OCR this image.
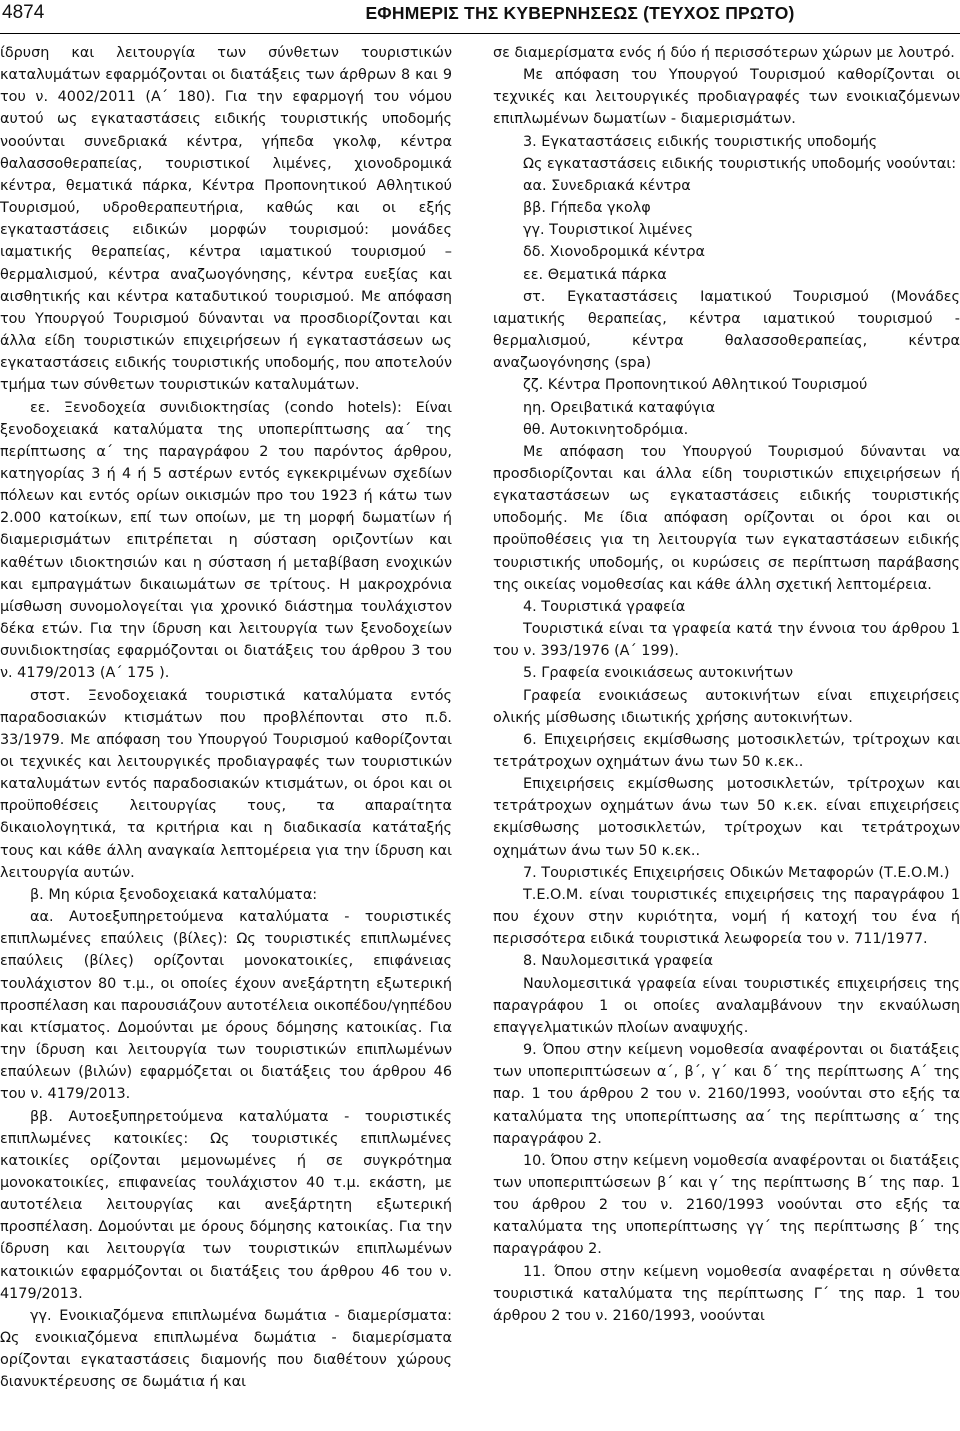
4874	ΕΦΗΜΕΡΙΣ ΤΗΣ ΚΥΒΕΡΝΗΣΕΩΣ (ΤΕΥΧΟΣ ΠΡΩΤΟ)

ίδρυση και λειτουργία των σύνθετων τουριστικών καταλυμάτων εφαρμόζονται οι διατάξεις των άρθρων 8 και 9 του ν. 4002/2011 (Α΄ 180). Για την εφαρμογή του νόμου αυτού ως εγκαταστάσεις ειδικής τουριστικής υποδομής νοούνται συνεδριακά κέντρα, γήπεδα γκολφ, κέντρα θαλασσοθεραπείας, τουριστικοί λιμένες, χιονοδρομικά κέντρα, θεματικά πάρκα, Κέντρα Προπονητικού Αθλητικού Τουρισμού, υδροθεραπευτήρια, καθώς και οι εξής εγκαταστάσεις ειδικών μορφών τουρισμού: μονάδες ιαματικής θεραπείας, κέντρα ιαματικού τουρισμού – θερμαλισμού, κέντρα αναζωογόνησης, κέντρα ευεξίας και αισθητικής και κέντρα καταδυτικού τουρισμού. Με απόφαση του Υπουργού Τουρισμού δύνανται να προσδιορίζονται και άλλα είδη τουριστικών επιχειρήσεων ή εγκαταστάσεων ως εγκαταστάσεις ειδικής τουριστικής υποδομής, που αποτελούν τμήμα των σύνθετων τουριστικών καταλυμάτων.

εε. Ξενοδοχεία συνιδιοκτησίας (condo hotels): Είναι ξενοδοχειακά καταλύματα της υποπερίπτωσης αα΄ της περίπτωσης α΄ της παραγράφου 2 του παρόντος άρθρου, κατηγορίας 3 ή 4 ή 5 αστέρων εντός εγκεκριμένων σχεδίων πόλεων και εντός ορίων οικισμών προ του 1923 ή κάτω των 2.000 κατοίκων, επί των οποίων, με τη μορφή δωματίων ή διαμερισμάτων επιτρέπεται η σύσταση οριζοντίων και καθέτων ιδιοκτησιών και η σύσταση ή μεταβίβαση ενοχικών και εμπραγμάτων δικαιωμάτων σε τρίτους. Η μακροχρόνια μίσθωση συνομολογείται για χρονικό διάστημα τουλάχιστον δέκα ετών. Για την ίδρυση και λειτουργία των ξενοδοχείων συνιδιοκτησίας εφαρμόζονται οι διατάξεις του άρθρου 3 του ν. 4179/2013 (Α΄ 175 ).

στστ. Ξενοδοχειακά τουριστικά καταλύματα εντός παραδοσιακών κτισμάτων που προβλέπονται στο π.δ. 33/1979. Με απόφαση του Υπουργού Τουρισμού καθορίζονται οι τεχνικές και λειτουργικές προδιαγραφές των τουριστικών καταλυμάτων εντός παραδοσιακών κτισμάτων, οι όροι και οι προϋποθέσεις λειτουργίας τους, τα απαραίτητα δικαιολογητικά, τα κριτήρια και η διαδικασία κατάταξής τους και κάθε άλλη αναγκαία λεπτομέρεια για την ίδρυση και λειτουργία αυτών.

β. Μη κύρια ξενοδοχειακά καταλύματα:

αα. Αυτοεξυπηρετούμενα καταλύματα - τουριστικές επιπλωμένες επαύλεις (βίλες): Ως τουριστικές επιπλωμένες επαύλεις (βίλες) ορίζονται μονοκατοικίες, επιφάνειας τουλάχιστον 80 τ.μ., οι οποίες έχουν ανεξάρτητη εξωτερική προσπέλαση και παρουσιάζουν αυτοτέλεια οικοπέδου/γηπέδου και κτίσματος. Δομούνται με όρους δόμησης κατοικίας. Για την ίδρυση και λειτουργία των τουριστικών επιπλωμένων επαύλεων (βιλών) εφαρμόζεται οι διατάξεις του άρθρου 46 του ν. 4179/2013.

ββ. Αυτοεξυπηρετούμενα καταλύματα - τουριστικές επιπλωμένες κατοικίες: Ως τουριστικές επιπλωμένες κατοικίες ορίζονται μεμονωμένες ή σε συγκρότημα μονοκατοικίες, επιφανείας τουλάχιστον 40 τ.μ. εκάστη, με αυτοτέλεια λειτουργίας και ανεξάρτητη εξωτερική προσπέλαση. Δομούνται με όρους δόμησης κατοικίας. Για την ίδρυση και λειτουργία των τουριστικών επιπλωμένων κατοικιών εφαρμόζονται οι διατάξεις του άρθρου 46 του ν. 4179/2013.

γγ. Ενοικιαζόμενα επιπλωμένα δωμάτια - διαμερίσματα: Ως ενοικιαζόμενα επιπλωμένα δωμάτια - διαμερίσματα ορίζονται εγκαταστάσεις διαμονής που διαθέτουν χώρους διανυκτέρευσης σε δωμάτια ή και

σε διαμερίσματα ενός ή δύο ή περισσότερων χώρων με λουτρό.

Με απόφαση του Υπουργού Τουρισμού καθορίζονται οι τεχνικές και λειτουργικές προδιαγραφές των ενοικιαζόμενων επιπλωμένων δωματίων - διαμερισμάτων.

3. Εγκαταστάσεις ειδικής τουριστικής υποδομής

Ως εγκαταστάσεις ειδικής τουριστικής υποδομής νοούνται:

αα. Συνεδριακά κέντρα

ββ. Γήπεδα γκολφ

γγ. Τουριστικοί λιμένες

δδ. Χιονοδρομικά κέντρα

εε. Θεματικά πάρκα

στ. Εγκαταστάσεις Ιαματικού Τουρισμού (Μονάδες ιαματικής θεραπείας, κέντρα ιαματικού τουρισμού - θερμαλισμού, κέντρα θαλασσοθεραπείας, κέντρα αναζωογόνησης (spa)

ζζ. Κέντρα Προπονητικού Αθλητικού Τουρισμού

ηη. Ορειβατικά καταφύγια

θθ. Αυτοκινητοδρόμια.

Με απόφαση του Υπουργού Τουρισμού δύνανται να προσδιορίζονται και άλλα είδη τουριστικών επιχειρήσεων ή εγκαταστάσεων ως εγκαταστάσεις ειδικής τουριστικής υποδομής. Με ίδια απόφαση ορίζονται οι όροι και οι προϋποθέσεις για τη λειτουργία των εγκαταστάσεων ειδικής τουριστικής υποδομής, οι κυρώσεις σε περίπτωση παράβασης της οικείας νομοθεσίας και κάθε άλλη σχετική λεπτομέρεια.

4. Τουριστικά γραφεία

Τουριστικά είναι τα γραφεία κατά την έννοια του άρθρου 1 του ν. 393/1976 (Α΄ 199).

5. Γραφεία ενοικιάσεως αυτοκινήτων

Γραφεία ενοικιάσεως αυτοκινήτων είναι επιχειρήσεις ολικής μίσθωσης ιδιωτικής χρήσης αυτοκινήτων.

6. Επιχειρήσεις εκμίσθωσης μοτοσικλετών, τρίτροχων και τετράτροχων οχημάτων άνω των 50 κ.εκ..

Επιχειρήσεις εκμίσθωσης μοτοσικλετών, τρίτροχων και τετράτροχων οχημάτων άνω των 50 κ.εκ. είναι επιχειρήσεις εκμίσθωσης μοτοσικλετών, τρίτροχων και τετράτροχων οχημάτων άνω των 50 κ.εκ..

7. Τουριστικές Επιχειρήσεις Οδικών Μεταφορών (Τ.Ε.Ο.Μ.)

Τ.Ε.Ο.Μ. είναι τουριστικές επιχειρήσεις της παραγράφου 1 που έχουν στην κυριότητα, νομή ή κατοχή του ένα ή περισσότερα ειδικά τουριστικά λεωφορεία του ν. 711/1977.

8. Ναυλομεσιτικά γραφεία

Ναυλομεσιτικά γραφεία είναι τουριστικές επιχειρήσεις της παραγράφου 1 οι οποίες αναλαμβάνουν την εκναύλωση επαγγελματικών πλοίων αναψυχής.

9. Όπου στην κείμενη νομοθεσία αναφέρονται οι διατάξεις των υποπεριπτώσεων α΄, β΄, γ΄ και δ΄ της περίπτωσης Α΄ της παρ. 1 του άρθρου 2 του ν. 2160/1993, νοούνται στο εξής τα καταλύματα της υποπερίπτωσης αα΄ της περίπτωσης α΄ της παραγράφου 2.

10. Όπου στην κείμενη νομοθεσία αναφέρονται οι διατάξεις των υποπεριπτώσεων β΄ και γ΄ της περίπτωσης Β΄ της παρ. 1 του άρθρου 2 του ν. 2160/1993 νοούνται στο εξής τα καταλύματα της υποπερίπτωσης γγ΄ της περίπτωσης β΄ της παραγράφου 2.

11. Όπου στην κείμενη νομοθεσία αναφέρεται η σύνθετα τουριστικά καταλύματα της περίπτωσης Γ΄ της παρ. 1 του άρθρου 2 του ν. 2160/1993, νοούνται
